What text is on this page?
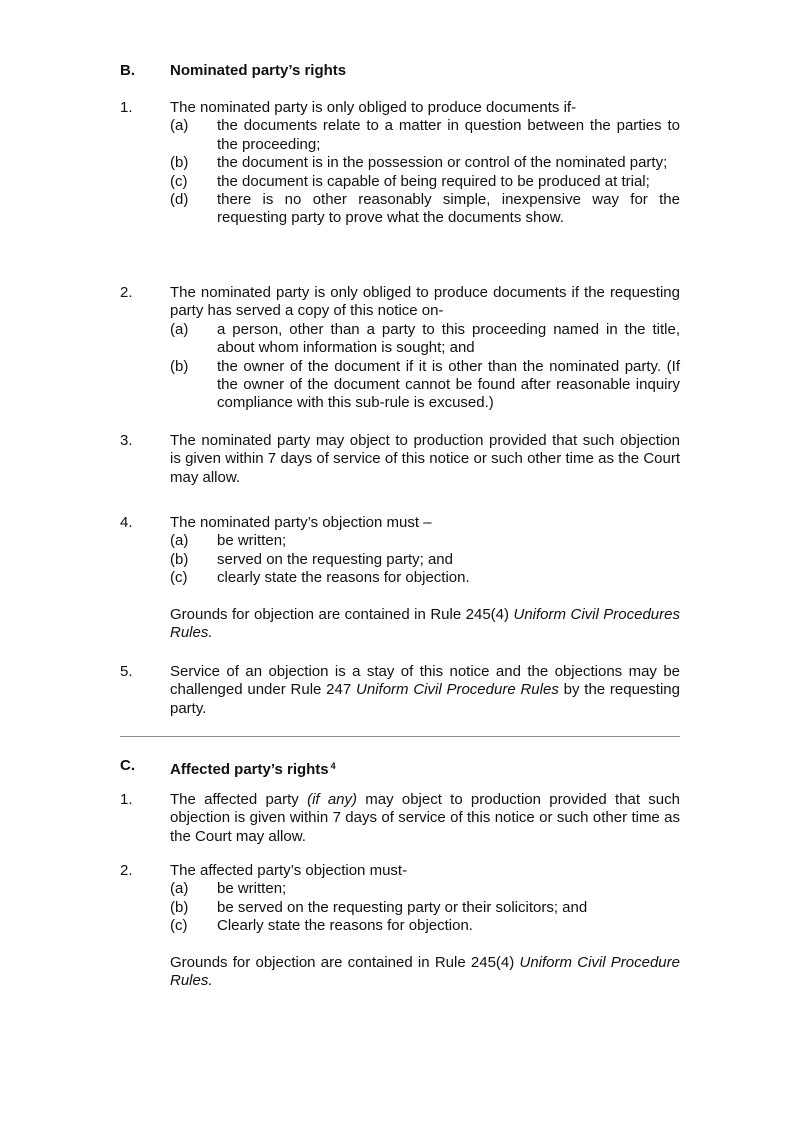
B.	Nominated party’s rights
1. The nominated party is only obliged to produce documents if-
(a) the documents relate to a matter in question between the parties to the proceeding;
(b) the document is in the possession or control of the nominated party;
(c) the document is capable of being required to be produced at trial;
(d) there is no other reasonably simple, inexpensive way for the requesting party to prove what the documents show.
2. The nominated party is only obliged to produce documents if the requesting party has served a copy of this notice on-
(a) a person, other than a party to this proceeding named in the title, about whom information is sought; and
(b) the owner of the document if it is other than the nominated party. (If the owner of the document cannot be found after reasonable inquiry compliance with this sub-rule is excused.)
3. The nominated party may object to production provided that such objection is given within 7 days of service of this notice or such other time as the Court may allow.
4. The nominated party’s objection must –
(a) be written;
(b) served on the requesting party; and
(c) clearly state the reasons for objection.
Grounds for objection are contained in Rule 245(4) Uniform Civil Procedures Rules.
5. Service of an objection is a stay of this notice and the objections may be challenged under Rule 247 Uniform Civil Procedure Rules by the requesting party.
C.	Affected party’s rights $^4$
1. The affected party (if any) may object to production provided that such objection is given within 7 days of service of this notice or such other time as the Court may allow.
2. The affected party’s objection must-
(a) be written;
(b) be served on the requesting party or their solicitors; and
(c) Clearly state the reasons for objection.
Grounds for objection are contained in Rule 245(4) Uniform Civil Procedure Rules.
